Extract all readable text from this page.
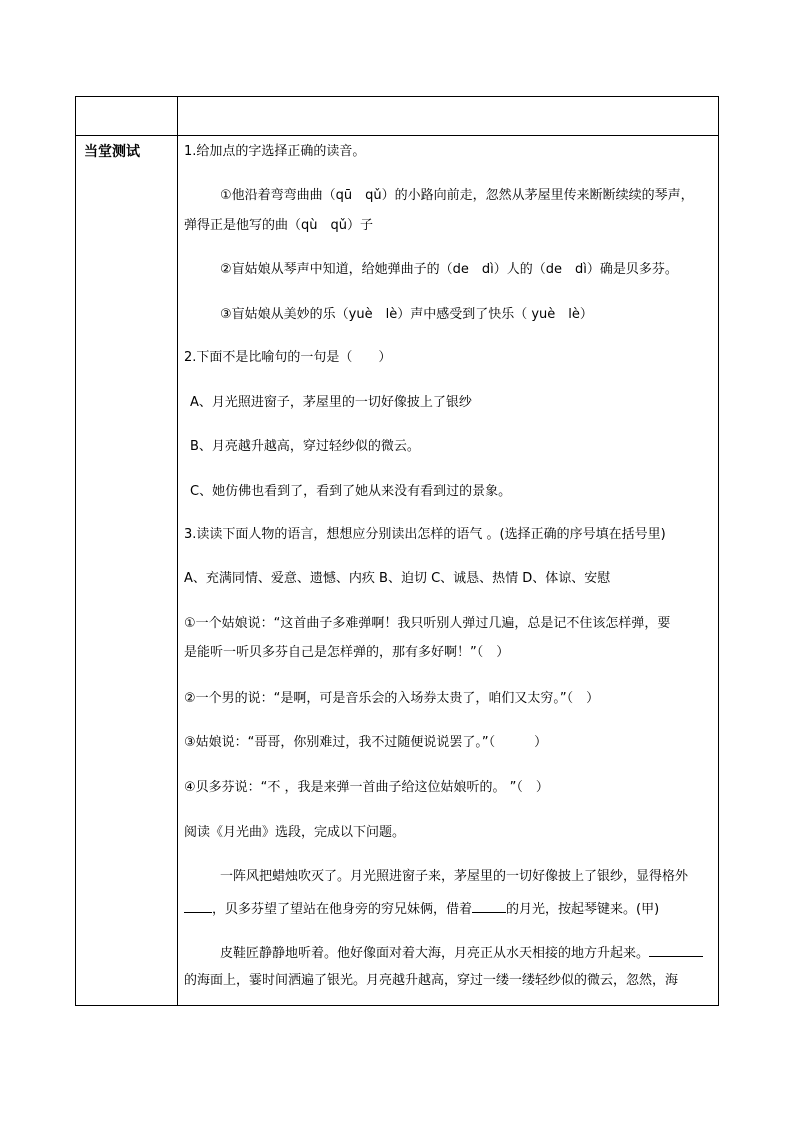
当堂测试	1.给加点的字选择正确的读音。
①他沿着弯弯曲曲（qū　qǔ）的小路向前走，忽然从茅屋里传来断断续续的琴声，
弹得正是他写的曲（qù　qǔ）子
②盲姑娘从琴声中知道，给她弹曲子的（de　dì）人的（de　dì）确是贝多芬。
③盲姑娘从美妙的乐（yuè　lè）声中感受到了快乐（ yuè　lè）
2.下面不是比喻句的一句是（　　）
A、月光照进窗子，茅屋里的一切好像披上了银纱
B、月亮越升越高，穿过轻纱似的微云。
C、她仿佛也看到了，看到了她从来没有看到过的景象。
3.读读下面人物的语言，想想应分别读出怎样的语气 。(选择正确的序号填在括号里)
A、充满同情、爱意、遗憾、内疚 B、迫切 C、诚恳、热情 D、体谅、安慰
①一个姑娘说：“这首曲子多难弹啊！我只听别人弹过几遍，总是记不住该怎样弹，要
是能听一听贝多芬自己是怎样弹的，那有多好啊！”（　）
②一个男的说：“是啊，可是音乐会的入场券太贵了，咱们又太穷。”（　）
③姑娘说：“哥哥，你别难过，我不过随便说说罢了。”（　　　）
④贝多芬说：“不 ，我是来弹一首曲子给这位姑娘听的。 ”（　）
阅读《月光曲》选段，完成以下问题。
一阵风把蜡烛吹灭了。月光照进窗子来，茅屋里的一切好像披上了银纱，显得格外
，贝多芬望了望站在他身旁的穷兄妹俩，借着	的月光，按起琴键来。(甲)
皮鞋匠静静地听着。他好像面对着大海，月亮正从水天相接的地方升起来。
的海面上，霎时间洒遍了银光。月亮越升越高，穿过一缕一缕轻纱似的微云，忽然，海
